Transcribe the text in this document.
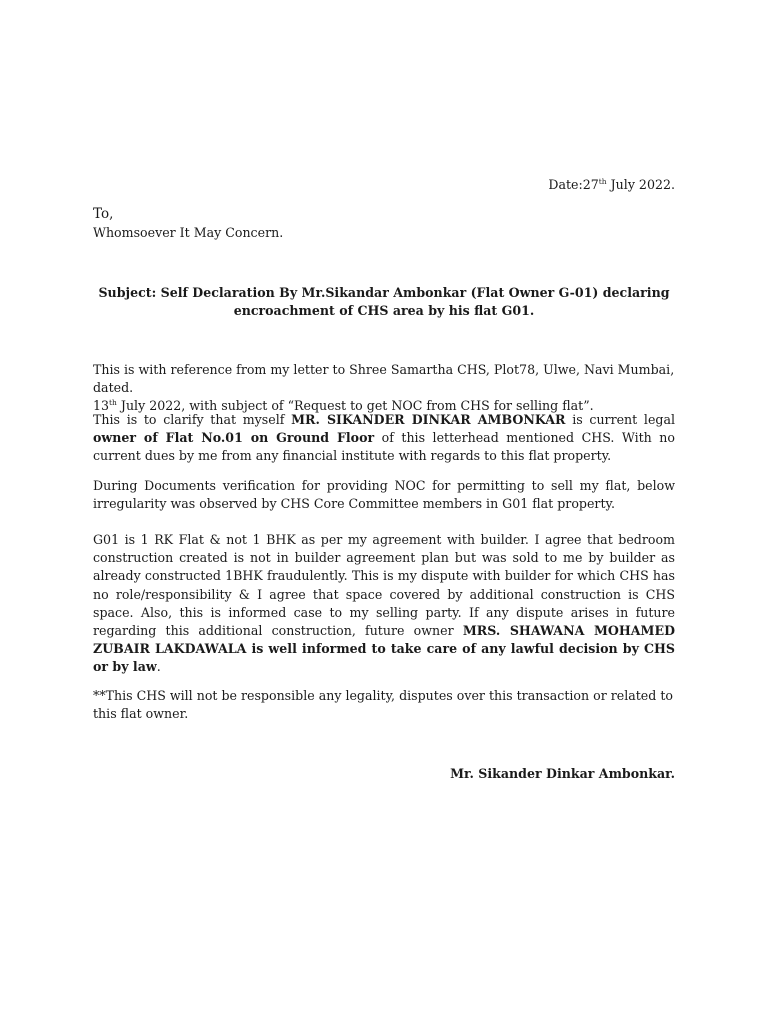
Date:27th July 2022.
To,
Whomsoever It May Concern.
Subject: Self Declaration By Mr.Sikandar Ambonkar (Flat Owner G-01) declaring
encroachment of CHS area by his flat G01.

This is with reference from my letter to Shree Samartha CHS, Plot78, Ulwe, Navi Mumbai, dated.
13th July 2022, with subject of “Request to get NOC from CHS for selling flat”.

This is to clarify that myself MR. SIKANDER DINKAR AMBONKAR is current legal owner of Flat No.01 on Ground Floor of this letterhead mentioned CHS. With no current dues by me from any financial institute with regards to this flat property.

During Documents verification for providing NOC for permitting to sell my flat, below irregularity was observed by CHS Core Committee members in G01 flat property.

G01 is 1 RK Flat & not 1 BHK as per my agreement with builder. I agree that bedroom construction created is not in builder agreement plan but was sold to me by builder as already constructed 1BHK fraudulently. This is my dispute with builder for which CHS has no role/responsibility & I agree that space covered by additional construction is CHS space. Also, this is informed case to my selling party. If any dispute arises in future regarding this additional construction, future owner MRS. SHAWANA MOHAMED ZUBAIR LAKDAWALA is well informed to take care of any lawful decision by CHS or by law.

**This CHS will not be responsible any legality, disputes over this transaction or related to this flat owner.

Mr. Sikander Dinkar Ambonkar.
